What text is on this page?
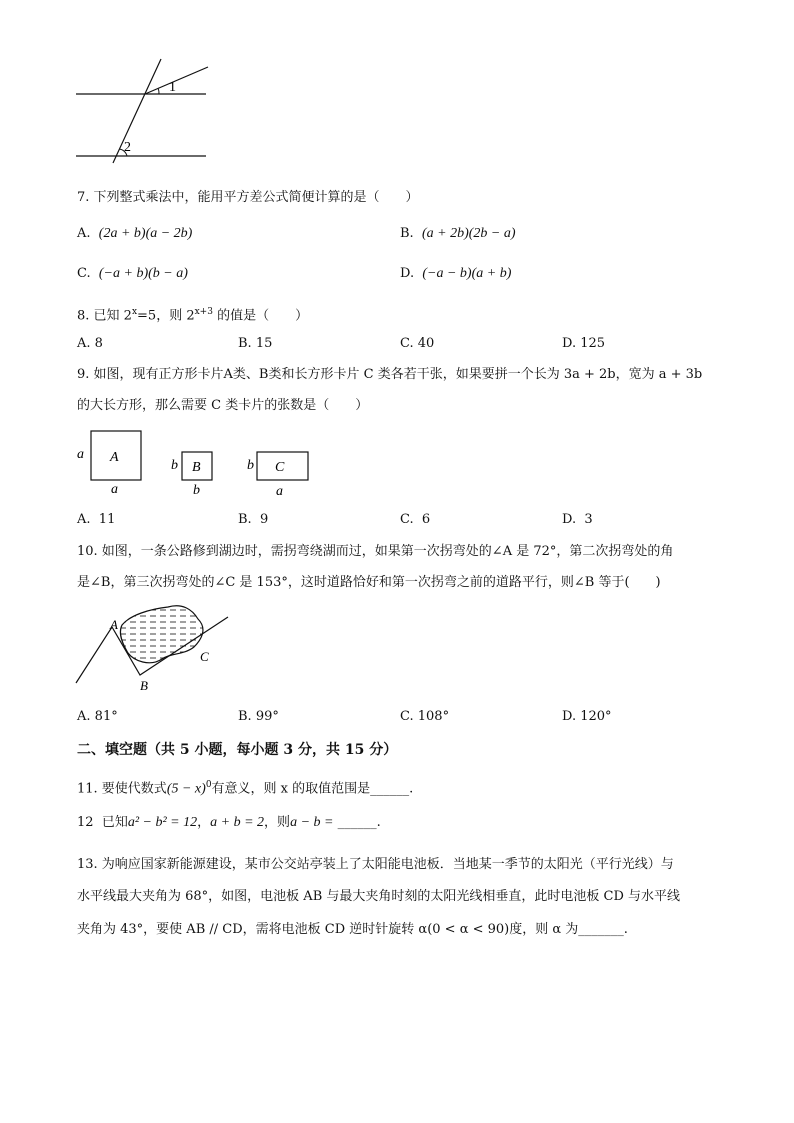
1
2
7. 下列整式乘法中，能用平方差公式简便计算的是（　　）
A. (2a + b)(a − 2b)	B. (a + 2b)(2b − a)
C. (−a + b)(b − a)	D. (−a − b)(a + b)
8. 已知 $2^x=5$，则 $2^{x+3}$ 的值是（　　）
A. 8	B. 15	C. 40	D. 125
9. 如图，现有正方形卡片A类、B类和长方形卡片 C 类各若干张，如果要拼一个长为 3a + 2b，宽为 a + 3b
的大长方形，那么需要 C 类卡片的张数是（　　）
A
a
a
B
b
b
C
b
a
A. 11	B. 9	C. 6	D. 3
10. 如图，一条公路修到湖边时，需拐弯绕湖而过，如果第一次拐弯处的∠A 是 72°，第二次拐弯处的角
是∠B，第三次拐弯处的∠C 是 153°，这时道路恰好和第一次拐弯之前的道路平行，则∠B 等于(　　)
A
B
C
A. 81°	B. 99°	C. 108°	D. 120°
二、填空题（共 5 小题，每小题 3 分，共 15 分）
11. 要使代数式$(5 - x)^0$有意义，则 x 的取值范围是______.
12 已知a² − b² = 12，a + b = 2，则a − b = ______.
13. 为响应国家新能源建设，某市公交站亭装上了太阳能电池板．当地某一季节的太阳光（平行光线）与
水平线最大夹角为 68°，如图，电池板 AB 与最大夹角时刻的太阳光线相垂直，此时电池板 CD 与水平线
夹角为 43°，要使 AB // CD，需将电池板 CD 逆时针旋转 α(0 < α < 90)度，则 α 为_______.
